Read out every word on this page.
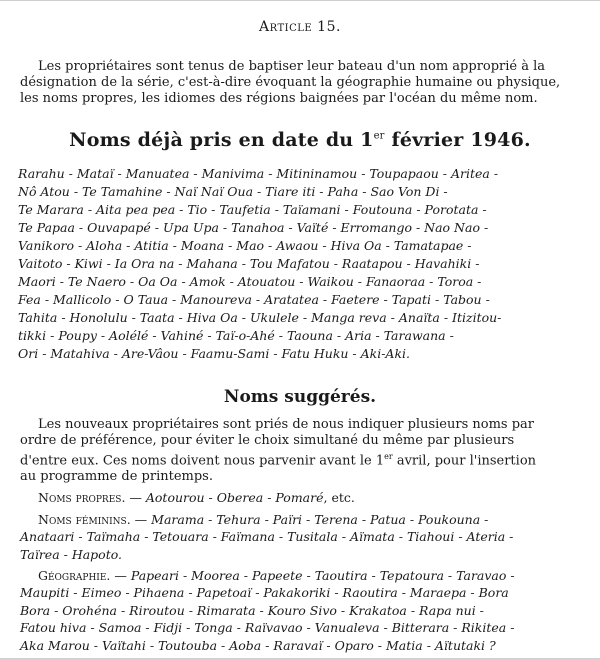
Article 15.

Les propriétaires sont tenus de baptiser leur bateau d'un nom approprié à la
désignation de la série, c'est-à-dire évoquant la géographie humaine ou physique,
les noms propres, les idiomes des régions baignées par l'océan du même nom.
Noms déjà pris en date du 1er février 1946.
Rarahu - Mataï - Manuatea - Manivima - Mitininamou - Toupapaou - Aritea -
Nô Atou - Te Tamahine - Naï Naï Oua - Tiare iti - Paha - Sao Von Di -
Te Marara - Aita pea pea - Tio - Taufetia - Taïamani - Foutouna - Porotata -
Te Papaa - Ouvapapé - Upa Upa - Tanahoa - Vaïté - Erromango - Nao Nao -
Vanikoro - Aloha - Atitia - Moana - Mao - Awaou - Hiva Oa - Tamatapae -
Vaitoto - Kiwi - Ia Ora na - Mahana - Tou Mafatou - Raatapou - Havahiki -
Maori - Te Naero - Oa Oa - Amok - Atouatou - Waikou - Fanaoraa - Toroa -
Fea - Mallicolo - O Taua - Manoureva - Aratatea - Faetere - Tapati - Tabou -
Tahita - Honolulu - Taata - Hiva Oa - Ukulele - Manga reva - Anaïta - Itizitou-
tikki - Poupy - Aolélé - Vahiné - Taï-o-Ahé - Taouna - Aria - Tarawana -
Ori - Matahiva - Are-Vâou - Faamu-Sami - Fatu Huku - Aki-Aki.
Noms suggérés.
Les nouveaux propriétaires sont priés de nous indiquer plusieurs noms par
ordre de préférence, pour éviter le choix simultané du même par plusieurs
d'entre eux. Ces noms doivent nous parvenir avant le 1er avril, pour l'insertion
au programme de printemps.
Noms propres. — Aotourou - Oberea - Pomaré, etc.
Noms féminins. — Marama - Tehura - Païri - Terena - Patua - Poukouna -
Anataari - Taïmaha - Tetouara - Faïmana - Tusitala - Aïmata - Tiahoui - Ateria -
Taïrea - Hapoto.
Géographie. — Papeari - Moorea - Papeete - Taoutira - Tepatoura - Taravao -
Maupiti - Eimeo - Pihaena - Papetoaï - Pakakoriki - Raoutira - Maraepa - Bora
Bora - Orohéna - Riroutou - Rimarata - Kouro Sivo - Krakatoa - Rapa nui -
Fatou hiva - Samoa - Fidji - Tonga - Raïvavao - Vanualeva - Bitterara - Rikitea -
Aka Marou - Vaïtahi - Toutouba - Aoba - Raravaï - Oparo - Matia - Aïtutaki ?
